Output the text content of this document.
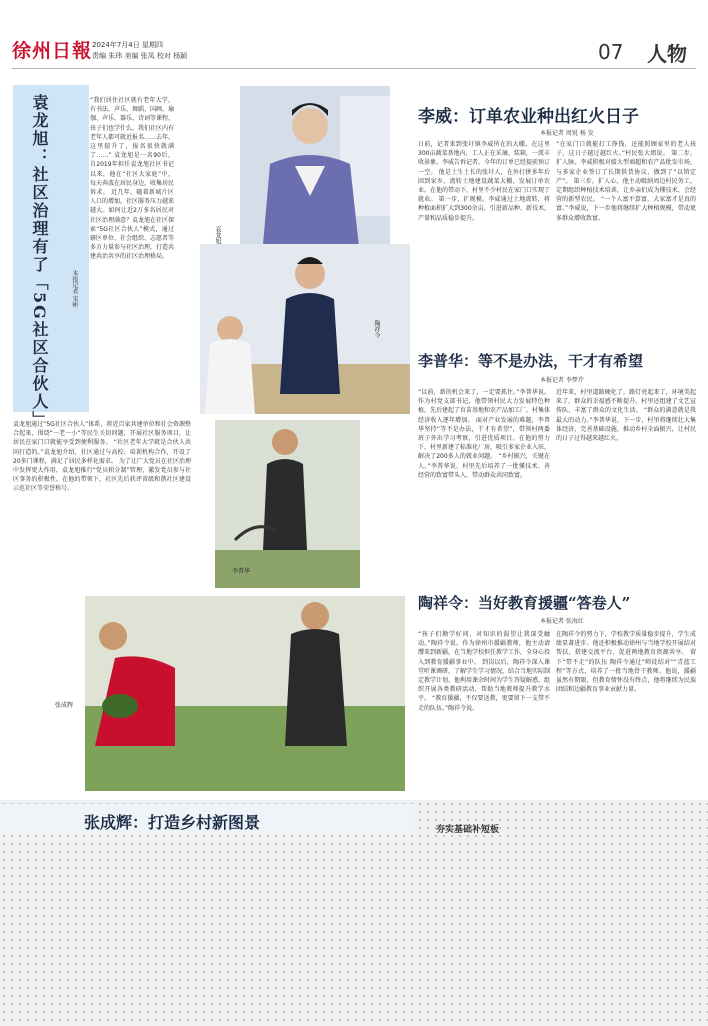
徐州日報 2024年7月4日 星期四
责编 朱玮 美编 张凤 校对 杨颖	07 人物
袁龙旭：社区治理有了「5G社区合伙人」	本报记者 宋彬
“我们居住社区就有老年大学，有书法、声乐、舞蹈、国画、瑜伽、声乐、器乐、诗词等课程，孩子们也学什么，我们社区内有老年人都可就近报名……去年，这里提升了，报名很快就满了……” 袁龙旭是一名90后，自2019年担任袁龙旭社区书记以来，他在“社区大家庭”中，每天奔波在居民身边，收集居民诉求。 近几年，随着新城片区人口的增加，社区服务压力越来越大。如何让近2万多名居民对社区治理满意？袁龙旭在社区探索“5G社区合伙人”模式，通过辖区单位、社会组织、志愿者等多方力量参与社区治理，打造共建共治共享的社区治理格局。
袁龙旭通过“5G社区合伙人”体系，将近百家共建单位和社会资源整合起来，围绕“一老一小”等民生关切问题，开展社区服务项目，让居民在家门口就能享受到便利服务。 “社区老年大学就是合伙人共同打造的。”袁龙旭介绍，社区通过与高校、培训机构合作，开设了20多门课程，满足了居民多样化需求。 为了让广大党员在社区治理中发挥更大作用，袁龙旭推行“党员积分制”管理，激发党员参与社区事务的积极性。在他的带领下，社区先后获评省级和谐社区建设示范社区等荣誉称号。
袁龙旭
陶祥令
李普华
张成辉
李威：订单农业种出红火日子
本报记者 周锐 杨 发
日前，记者来到张圩镇李威所在的大棚，在这里300亩蔬菜基地内，工人正在采摘、装箱，一派丰收景象。李威告诉记者，今年的订单已经提前预订一空。 他是土生土长的张圩人，在外打拼多年后回到家乡，流转土地建设蔬菜大棚，发展订单农业。在他的带动下，村里不少村民在家门口实现了就业。 第一步，扩规模。李威通过土地流转，将种植面积扩大到300余亩，引进新品种、新技术，产量和品质稳步提升。
“在家门口就能打工挣钱，还能照顾家里的老人孩子，这日子越过越红火。”村民张大姐说。 第二步，扩人脉。李威积极对接大型商超和农产品批发市场，与多家企业签订了长期供货协议，做到了“以销定产”。 第三步，扩人心。他主动吸纳周边村民务工，定期组织种植技术培训，让乡亲们成为懂技术、会经营的新型农民。 “一个人富不算富，大家富才是真的富。”李威说，下一步他将继续扩大种植规模，带动更多群众增收致富。
李普华：等不是办法，干才有希望
本报记者 李梦芹
“以前，新的机会来了，一定要抓住。”李普华说。作为村党支部书记，他带领村民大力发展特色种植，先后建起了育苗基地和农产品加工厂，村集体经济收入逐年增加。 面对产业发展的难题，李普华坚持“等不是办法，干才有希望”，带领村两委班子外出学习考察，引进优质项目。在他的努力下，村里新建了标准化厂房，吸引多家企业入驻，解决了200多人的就业问题。 “乡村振兴，关键在人。”李普华说，村里先后培养了一批懂技术、善经营的致富带头人，带动群众共同致富。
近年来，村里道路硬化了，路灯亮起来了，环境美起来了，群众的幸福感不断提升。村里还组建了文艺宣传队，丰富了群众的文化生活。 “群众的满意就是我最大的动力。”李普华说，下一步，村里将继续壮大集体经济，完善基础设施，推动乡村全面振兴，让村民的日子过得越来越红火。
陶祥令：当好教育援疆“答卷人”
本报记者 张海红
“孩子们勤学好问，对知识的渴望让我深受触动。”陶祥令说。作为徐州市援疆教师，他主动请缨来到新疆，在当地学校担任教学工作，全身心投入到教育援疆事业中。 到岗以后，陶祥令深入课堂听课调研，了解学生学习情况，结合当地实际制定教学计划。他利用课余时间为学生答疑解惑，组织开展各类教研活动，帮助当地教师提升教学水平。 “教育援疆，不仅要送教，更要留下一支带不走的队伍。”陶祥令说。
在陶祥令的努力下，学校教学质量稳步提升，学生成绩显著进步。他还积极推动徐州与当地学校开展结对帮扶，搭建交流平台，促进两地教育资源共享。 留下“带不走”的队伍 陶祥令通过“师徒结对”“青蓝工程”等方式，培养了一批当地骨干教师。他说，援疆虽然有期限，但教育情怀没有终点，他将继续为民族团结和边疆教育事业贡献力量。
张成辉：打造乡村新图景	夯实基础补短板
